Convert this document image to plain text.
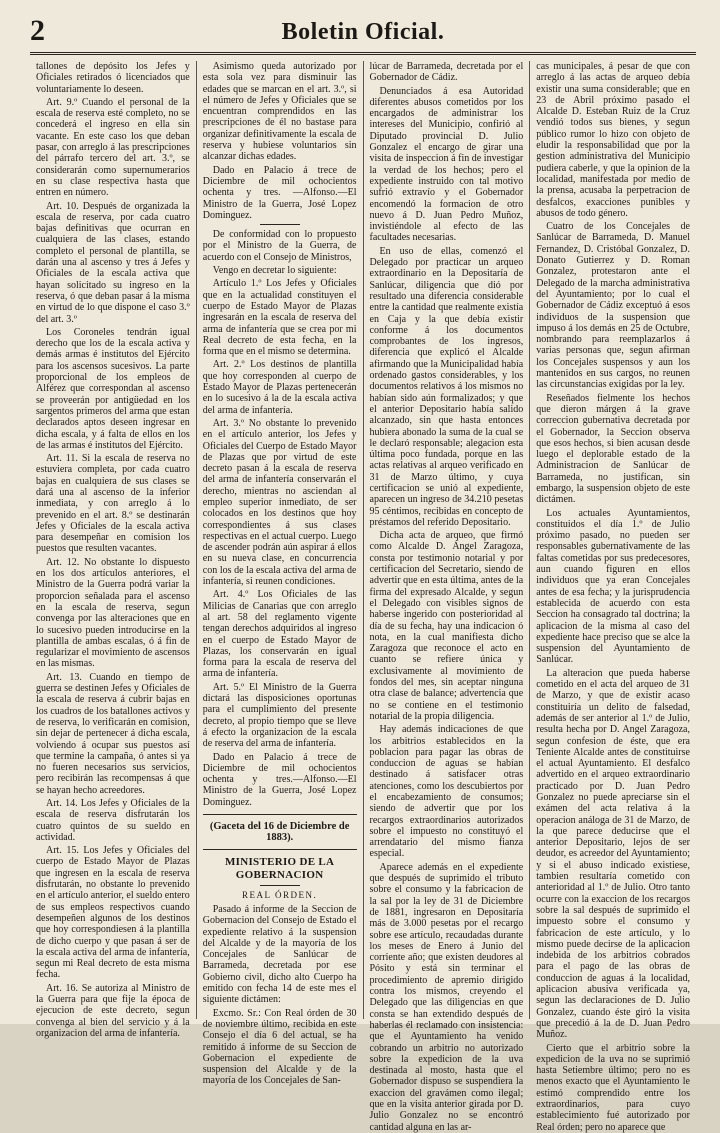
2	Boletin Oficial.

tallones de depósito los Jefes y Oficiales retirados ó licenciados que voluntariamente lo deseen.

Art. 9.º Cuando el personal de la escala de reserva esté completo, no se concederá el ingreso en ella sin vacante. En este caso los que deban pasar, con arreglo á las prescripciones del párrafo tercero del art. 3.º, se considerarán como supernumerarios en su clase respectiva hasta que entren en número.

Art. 10. Después de organizada la escala de reserva, por cada cuatro bajas definitivas que ocurran en cualquiera de las clases, estando completo el personal de plantilla, se darán una al ascenso y tres á Jefes y Oficiales de la escala activa que hayan solicitado su ingreso en la reserva, ó que deban pasar á la misma en virtud de lo que dispone el caso 3.º del art. 3.º

Los Coroneles tendrán igual derecho que los de la escala activa y demás armas é institutos del Ejército para los ascensos sucesivos. La parte proporcional de los empleos de Alférez que correspondan al ascenso se proveerán por antigüedad en los sargentos primeros del arma que estan declarados aptos deseen ingresar en dicha escala, y á falta de ellos en los de las armas é institutos del Ejército.

Art. 11. Si la escala de reserva no estuviera completa, por cada cuatro bajas en cualquiera de sus clases se dará una al ascenso de la inferior inmediata, y con arreglo á lo prevenido en el art. 8.º se destinarán Jefes y Oficiales de la escala activa para desempeñar en comision los puestos que resulten vacantes.

Art. 12. No obstante lo dispuesto en los dos artículos anteriores, el Ministro de la Guerra podrá variar la proporcion señalada para el ascenso en la escala de reserva, segun convenga por las alteraciones que en lo sucesivo pueden introducirse en la plantilla de ambas escalas, ó á fin de regularizar el movimiento de ascensos en las mismas.

Art. 13. Cuando en tiempo de guerra se destinen Jefes y Oficiales de la escala de reserva á cubrir bajas en los cuadros de los batallones activos y de reserva, lo verificarán en comision, sin dejar de pertenecer á dicha escala, volviendo á ocupar sus puestos así que termine la campaña, ó antes si ya no fueren necesarios sus servicios, pero recibirán las recompensas á que se hayan hecho acreedores.

Art. 14. Los Jefes y Oficiales de la escala de reserva disfrutarán los cuatro quintos de su sueldo en actividad.

Art. 15. Los Jefes y Oficiales del cuerpo de Estado Mayor de Plazas que ingresen en la escala de reserva disfrutarán, no obstante lo prevenido en el artículo anterior, el sueldo entero de sus empleos respectivos cuando desempeñen algunos de los destinos que hoy correspondiesen á la plantilla de dicho cuerpo y que pasan á ser de la escala activa del arma de infantería, segun mi Real decreto de esta misma fecha.

Art. 16. Se autoriza al Ministro de la Guerra para que fije la época de ejecucion de este decreto, segun convenga al bien del servicio y á la organizacion del arma de infantería.

Asimismo queda autorizado por esta sola vez para disminuir las edades que se marcan en el art. 3.º, si el número de Jefes y Oficiales que se encuentran comprendidos en las prescripciones de él no bastase para organizar definitivamente la escala de reserva y hubiese voluntarios sin alcanzar dichas edades.

Dado en Palacio á trece de Diciembre de mil ochocientos ochenta y tres. —Alfonso.—El Ministro de la Guerra, José Lopez Dominguez.

De conformidad con lo propuesto por el Ministro de la Guerra, de acuerdo con el Consejo de Ministros,

Vengo en decretar lo siguiente:

Artículo 1.º Los Jefes y Oficiales que en la actualidad constituyen el cuerpo de Estado Mayor de Plazas ingresarán en la escala de reserva del arma de infantería que se crea por mi Real decreto de esta fecha, en la forma que en el mismo se determina.

Art. 2.º Los destinos de plantilla que hoy corresponden al cuerpo de Estado Mayor de Plazas pertenecerán en lo sucesivo á la de la escala activa del arma de infantería.

Art. 3.º No obstante lo prevenido en el artículo anterior, los Jefes y Oficiales del Cuerpo de Estado Mayor de Plazas que por virtud de este decreto pasan á la escala de reserva del arma de infantería conservarán el derecho, mientras no asciendan al empleo superior inmediato, de ser colocados en los destinos que hoy correspondientes á sus clases respectivas en el actual cuerpo. Luego de ascender podrán aún aspirar á ellos en su nueva clase, en concurrencia con los de la escala activa del arma de infantería, si reunen condiciones.

Art. 4.º Los Oficiales de las Milicias de Canarias que con arreglo al art. 58 del reglamento vigente tengan derechos adquiridos al ingreso en el cuerpo de Estado Mayor de Plazas, los conservarán en igual forma para la escala de reserva del arma de infantería.

Art. 5.º El Ministro de la Guerra dictará las disposiciones oportunas para el cumplimiento del presente decreto, al propio tiempo que se lleve á efecto la organizacion de la escala de reserva del arma de infantería.

Dado en Palacio á trece de Diciembre de mil ochocientos ochenta y tres.—Alfonso.—El Ministro de la Guerra, José Lopez Dominguez.

(Gaceta del 16 de Diciembre de 1883).
MINISTERIO DE LA GOBERNACION
REAL ÓRDEN.

Pasado á informe de la Seccion de Gobernacion del Consejo de Estado el expediente relativo á la suspension del Alcalde y de la mayoría de los Concejales de Sanlúcar de Barrameda, decretada por ese Gobierno civil, dicho alto Cuerpo ha emitido con fecha 14 de este mes el siguiente dictámen:

Excmo. Sr.: Con Real órden de 30 de noviembre último, recibida en este Consejo el día 6 del actual, se ha remitido á informe de su Seccion de Gobernacion el expediente de suspension del Alcalde y de la mayoría de los Concejales de San-

lúcar de Barrameda, decretada por el Gobernador de Cádiz.

Denunciados á esa Autoridad diferentes abusos cometidos por los encargados de administrar los intereses del Municipio, confirió al Diputado provincial D. Julio Gonzalez el encargo de girar una visita de inspeccion á fin de investigar la verdad de los hechos; pero el expediente instruido con tal motivo sufrió extravío y el Gobernador encomendó la formacion de otro nuevo á D. Juan Pedro Muñoz, invistiéndole al efecto de las facultades necesarias.

En uso de ellas, comenzó el Delegado por practicar un arqueo extraordinario en la Depositaría de Sanlúcar, diligencia que dió por resultado una diferencia considerable entre la cantidad que realmente existía en Caja y la que debía existir conforme á los documentos comprobantes de los ingresos, diferencia que explicó el Alcalde afirmando que la Municipalidad había ordenado gastos considerables, y los documentos relativos á los mismos no habían sido aún formalizados; y que el anterior Depositario había salido alcanzado, sin que hasta entonces hubiera abonado la suma de la cual se le declaró responsable; alegacion esta última poco fundada, porque en las actas relativas al arqueo verificado en 31 de Marzo último, y cuya certificacion se unió al expediente, aparecen un ingreso de 34.210 pesetas 95 céntimos, recibidas en concepto de préstamos del referido Depositario.

Dicha acta de arqueo, que firmó como Alcalde D. Ángel Zaragoza, consta por testimonio notarial y por certificacion del Secretario, siendo de advertir que en esta última, antes de la firma del expresado Alcalde, y segun el Delegado con visibles signos de haberse ingerido con posterioridad al día de su fecha, hay una indicacion ó nota, en la cual manifiesta dicho Zaragoza que reconoce el acto en cuanto se refiere única y exclusivamente al movimiento de fondos del mes, sin aceptar ninguna otra clase de balance; advertencia que no se contiene en el testimonio notarial de la propia diligencia.

Hay además indicaciones de que los arbitrios establecidos en la poblacion para pagar las obras de conduccion de aguas se habían destinado á satisfacer otras atenciones, como los descubiertos por el encabezamiento de consumos; siendo de advertir que por los recargos extraordinarios autorizados sobre el impuesto no constituyó el arrendatario del mismo fianza especial.

Aparece además en el expediente que después de suprimido el tributo sobre el consumo y la fabricacion de la sal por la ley de 31 de Diciembre de 1881, ingresaron en Depositaría más de 3.000 pesetas por el recargo sobre ese artículo, recaudadas durante los meses de Enero á Junio del corriente año; que existen deudores al Pósito y está sin terminar el procedimiento de apremio dirigido contra los mismos, creyendo el Delegado que las diligencias en que consta se han extendido después de haberlas él reclamado con insistencia: que el Ayuntamiento ha venido cobrando un arbitrio no autorizado sobre la expedicion de la uva destinada al mosto, hasta que el Gobernador dispuso se suspendiera la exaccion del gravámen como ilegal; que en la visita anterior girada por D. Julio Gonzalez no se encontró cantidad alguna en las ar-

cas municipales, á pesar de que con arreglo á las actas de arqueo debía existir una suma considerable; que en 23 de Abril próximo pasado el Alcalde D. Esteban Ruiz de la Cruz vendió todos sus bienes, y segun público rumor lo hizo con objeto de eludir la responsabilidad que por la gestion administrativa del Municipio pudiera caberle, y que la opinion de la localidad, manifestada por medio de la prensa, acusaba la perpetracion de desfalcos, exacciones punibles y abusos de todo género.

Cuatro de los Concejales de Sanlúcar de Barrameda, D. Manuel Fernandez, D. Cristóbal Gonzalez, D. Donato Gutierrez y D. Roman Gonzalez, protestaron ante el Delegado de la marcha administrativa del Ayuntamiento; por lo cual el Gobernador de Cádiz exceptuó á esos individuos de la suspension que impuso á los demás en 25 de Octubre, nombrando para reemplazarlos á varias personas que, segun afirman los Concejales suspensos y aun los mantenidos en sus cargos, no reunen las circunstancias exigidas por la ley.

Reseñados fielmente los hechos que dieron márgen á la grave correccion gubernativa decretada por el Gobernador, la Seccion observa que esos hechos, si bien acusan desde luego el deplorable estado de la Administracion de Sanlúcar de Barrameda, no justifican, sin embargo, la suspension objeto de este dictámen.

Los actuales Ayuntamientos, constituidos el día 1.º de Julio próximo pasado, no pueden ser responsables gubernativamente de las faltas cometidas por sus predecesores, aun cuando figuren en ellos individuos que ya eran Concejales antes de esa fecha; y la jurisprudencia establecida de acuerdo con esta Seccion ha consagrado tal doctrina; la aplicacion de la misma al caso del expediente hace preciso que se alce la suspension del Ayuntamiento de Sanlúcar.

La alteracion que pueda haberse cometido en el acta del arqueo de 31 de Marzo, y que de existir acaso constituiría un delito de falsedad, además de ser anterior al 1.º de Julio, resulta hecha por D. Angel Zaragoza, segun confesion de éste, que era Teniente Alcalde antes de constituirse el actual Ayuntamiento. El desfalco advertido en el arqueo extraordinario practicado por D. Juan Pedro Gonzalez no puede apreciarse sin el exámen del acta relativa á la operacion análoga de 31 de Marzo, de la que parece deducirse que el anterior Depositario, lejos de ser deudor, es acreedor del Ayuntamiento; y si el abuso indicado existiese, tambien resultaría cometido con anterioridad al 1.º de Julio. Otro tanto ocurre con la exaccion de los recargos sobre la sal después de suprimido el impuesto sobre el consumo y fabricacion de este artículo, y lo mismo puede decirse de la aplicacion indebida de los arbitrios cobrados para el pago de las obras de conduccion de aguas á la localidad, aplicacion abusiva verificada ya, segun las declaraciones de D. Julio Gonzalez, cuando éste giró la visita que precedió á la de D. Juan Pedro Muñoz.

Cierto que el arbitrio sobre la expedicion de la uva no se suprimió hasta Setiembre último; pero no es menos exacto que el Ayuntamiento le estimó comprendido entre los extraordinarios, para cuyo establecimiento fué autorizado por Real órden; pero no aparece que
